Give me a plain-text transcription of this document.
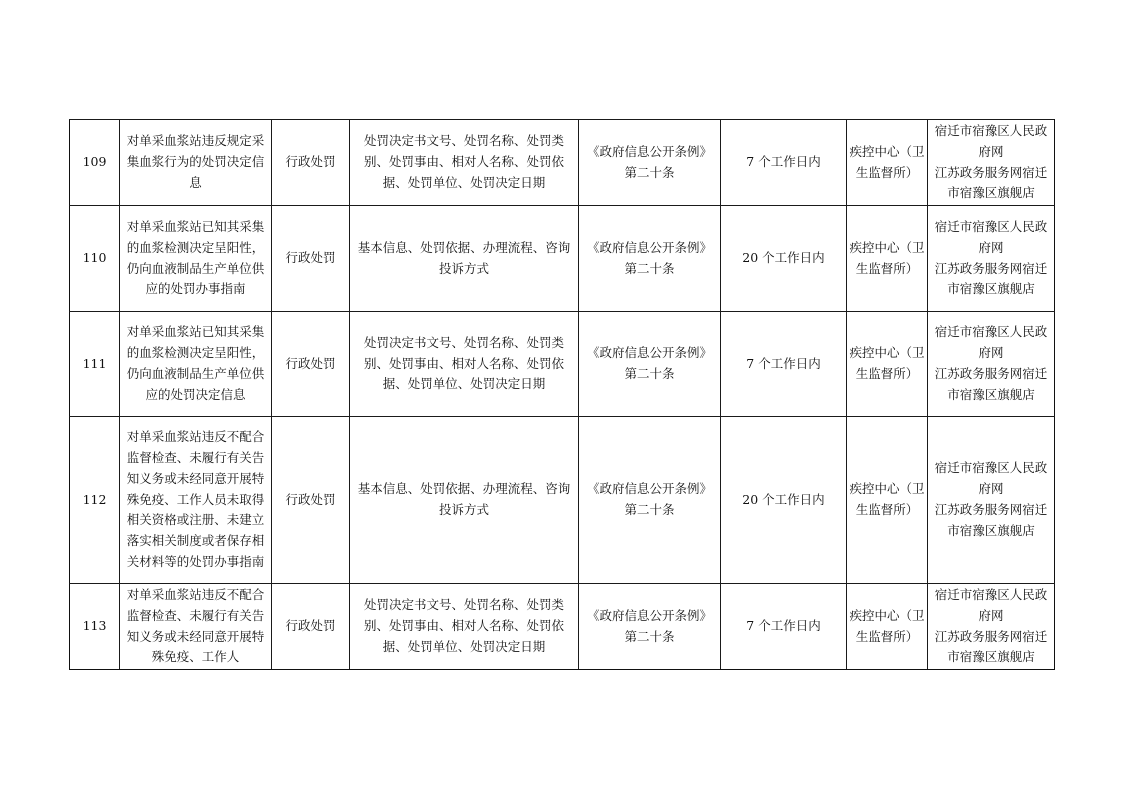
109	对单采血浆站违反规定采集血浆行为的处罚决定信息	行政处罚	处罚决定书文号、处罚名称、处罚类别、处罚事由、相对人名称、处罚依据、处罚单位、处罚决定日期	《政府信息公开条例》第二十条	7 个工作日内	疾控中心（卫生监督所）	宿迁市宿豫区人民政府网
江苏政务服务网宿迁市宿豫区旗舰店

110	对单采血浆站已知其采集的血浆检测决定呈阳性，仍向血液制品生产单位供应的处罚办事指南	行政处罚	基本信息、处罚依据、办理流程、咨询投诉方式	《政府信息公开条例》第二十条	20 个工作日内	疾控中心（卫生监督所）	宿迁市宿豫区人民政府网
江苏政务服务网宿迁市宿豫区旗舰店

111	对单采血浆站已知其采集的血浆检测决定呈阳性，仍向血液制品生产单位供应的处罚决定信息	行政处罚	处罚决定书文号、处罚名称、处罚类别、处罚事由、相对人名称、处罚依据、处罚单位、处罚决定日期	《政府信息公开条例》第二十条	7 个工作日内	疾控中心（卫生监督所）	宿迁市宿豫区人民政府网
江苏政务服务网宿迁市宿豫区旗舰店

112	对单采血浆站违反不配合监督检查、未履行有关告知义务或未经同意开展特殊免疫、工作人员未取得相关资格或注册、未建立落实相关制度或者保存相关材料等的处罚办事指南	行政处罚	基本信息、处罚依据、办理流程、咨询投诉方式	《政府信息公开条例》第二十条	20 个工作日内	疾控中心（卫生监督所）	宿迁市宿豫区人民政府网
江苏政务服务网宿迁市宿豫区旗舰店

113	对单采血浆站违反不配合监督检查、未履行有关告知义务或未经同意开展特殊免疫、工作人	行政处罚	处罚决定书文号、处罚名称、处罚类别、处罚事由、相对人名称、处罚依据、处罚单位、处罚决定日期	《政府信息公开条例》第二十条	7 个工作日内	疾控中心（卫生监督所）	宿迁市宿豫区人民政府网
江苏政务服务网宿迁市宿豫区旗舰店
